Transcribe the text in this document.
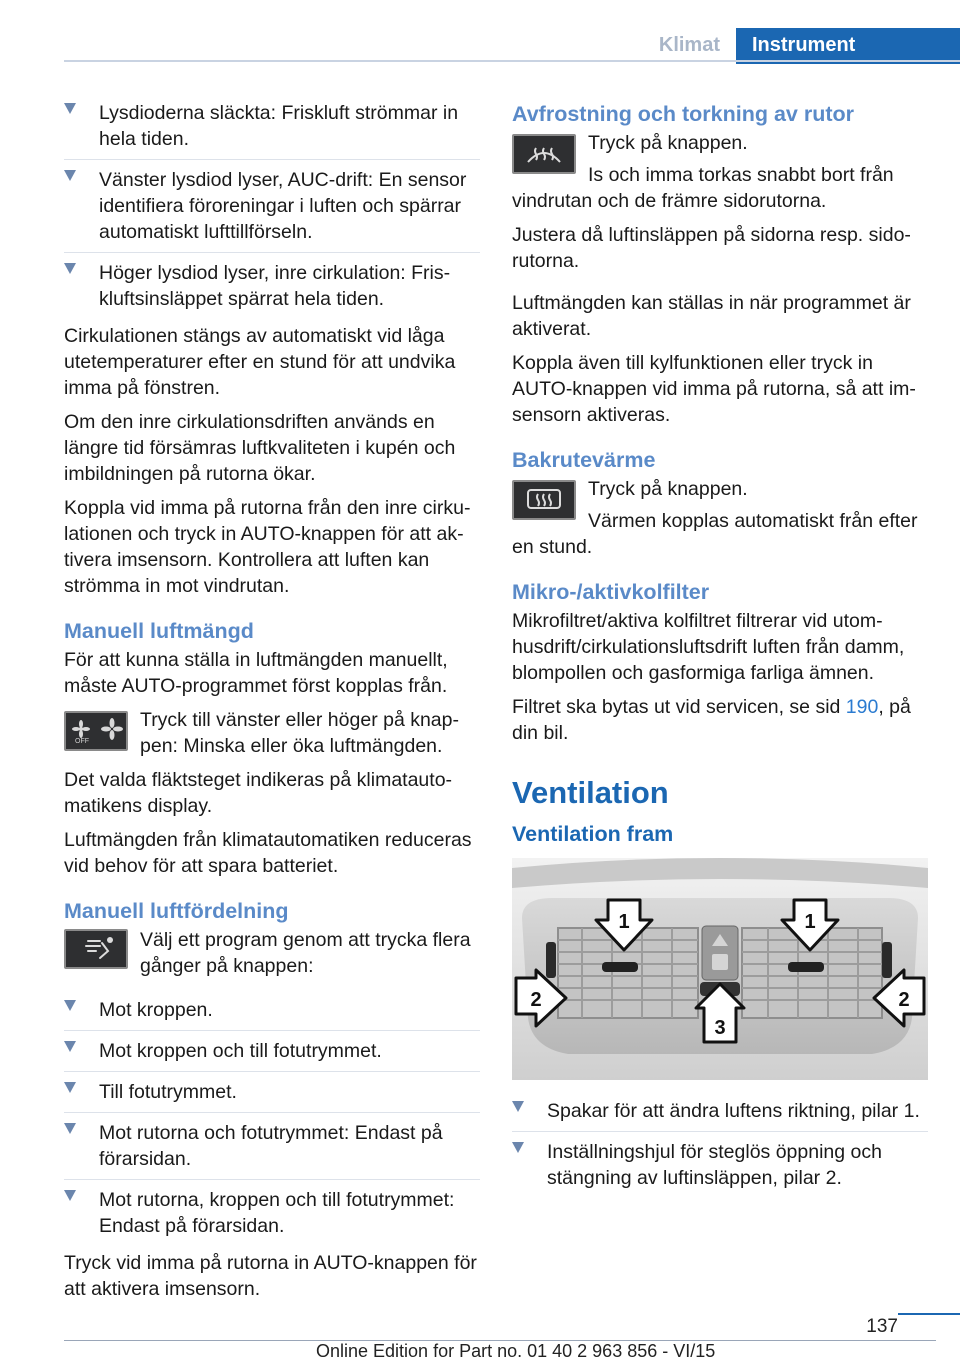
Klimat	Instrument
Lysdioderna släckta: Friskluft strömmar in hela tiden.
Vänster lysdiod lyser, AUC-drift: En sensor identifiera föroreningar i luften och spärrar automatiskt lufttillförseln.
Höger lysdiod lyser, inre cirkulation: Friskluftsinsläppet spärrat hela tiden.

Cirkulationen stängs av automatiskt vid låga utetemperaturer efter en stund för att undvika imma på fönstren.

Om den inre cirkulationsdriften används en längre tid försämras luftkvaliteten i kupén och imbildningen på rutorna ökar.

Koppla vid imma på rutorna från den inre cirkulationen och tryck in AUTO-knappen för att aktivera imsensorn. Kontrollera att luften kan strömma in mot vindrutan.

Manuell luftmängd

För att kunna ställa in luftmängden manuellt, måste AUTO-programmet först kopplas från.

OFF

Tryck till vänster eller höger på knappen: Minska eller öka luftmängden.

Det valda fläktsteget indikeras på klimatautomatikens display.

Luftmängden från klimatautomatiken reduceras vid behov för att spara batteriet.

Manuell luftfördelning

Välj ett program genom att trycka flera gånger på knappen:

Mot kroppen.
Mot kroppen och till fotutrymmet.
Till fotutrymmet.
Mot rutorna och fotutrymmet: Endast på förarsidan.
Mot rutorna, kroppen och till fotutrymmet: Endast på förarsidan.

Tryck vid imma på rutorna in AUTO-knappen för att aktivera imsensorn.

Avfrostning och torkning av rutor

Tryck på knappen.

Is och imma torkas snabbt bort från vindrutan och de främre sidorutorna.

Justera då luftinsläppen på sidorna resp. sidorutorna.

Luftmängden kan ställas in när programmet är aktiverat.

Koppla även till kylfunktionen eller tryck in AUTO-knappen vid imma på rutorna, så att imsensorn aktiveras.

Bakrutevärme

Tryck på knappen.

Värmen kopplas automatiskt från efter en stund.

Mikro-/aktivkolfilter

Mikrofiltret/aktiva kolfiltret filtrerar vid utomhusdrift/cirkulationsluftsdrift luften från damm, blompollen och gasformiga farliga ämnen.

Filtret ska bytas ut vid servicen, se sid 190, på din bil.

Ventilation
Ventilation fram
1	1
2	2
3
Spakar för att ändra luftens riktning, pilar 1.
Inställningshjul för steglös öppning och stängning av luftinsläppen, pilar 2.
137
Online Edition for Part no. 01 40 2 963 856 - VI/15
